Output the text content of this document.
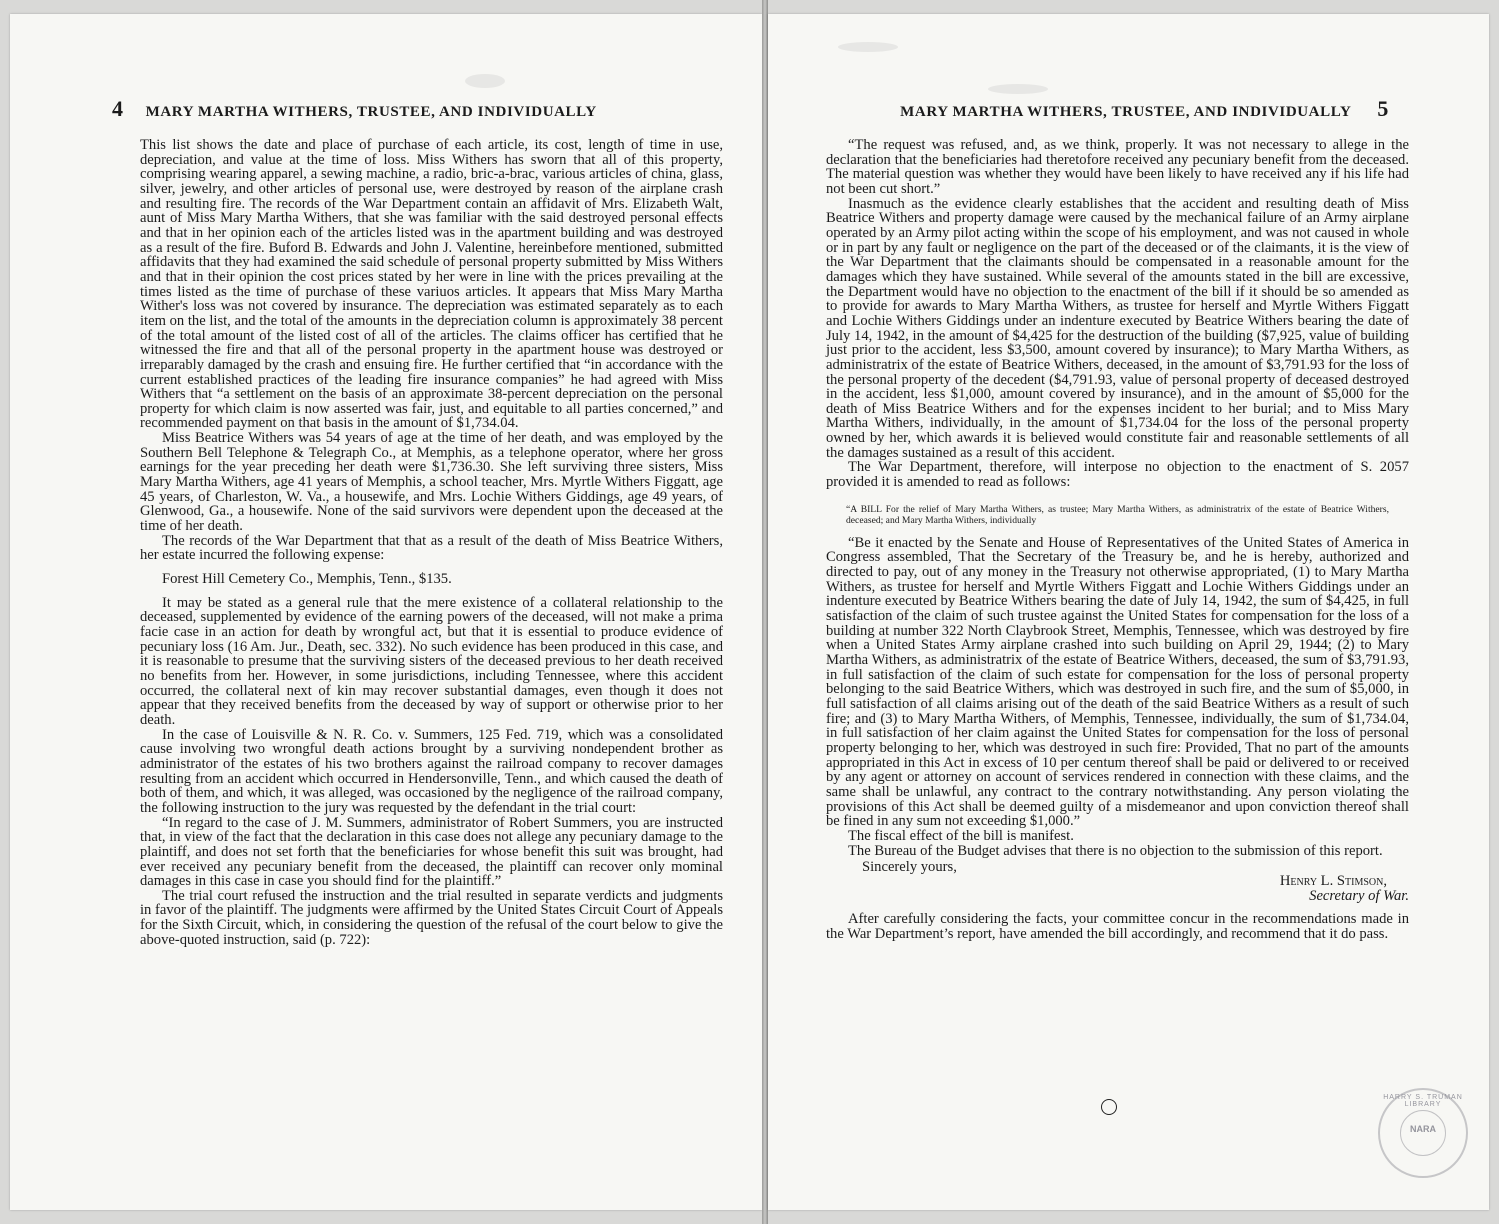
4 MARY MARTHA WITHERS, TRUSTEE, AND INDIVIDUALLY

This list shows the date and place of purchase of each article, its cost, length of time in use, depreciation, and value at the time of loss. Miss Withers has sworn that all of this property, comprising wearing apparel, a sewing machine, a radio, bric-a-brac, various articles of china, glass, silver, jewelry, and other articles of personal use, were destroyed by reason of the airplane crash and resulting fire. The records of the War Department contain an affidavit of Mrs. Elizabeth Walt, aunt of Miss Mary Martha Withers, that she was familiar with the said destroyed personal effects and that in her opinion each of the articles listed was in the apartment building and was destroyed as a result of the fire. Buford B. Edwards and John J. Valentine, hereinbefore mentioned, submitted affidavits that they had examined the said schedule of personal property submitted by Miss Withers and that in their opinion the cost prices stated by her were in line with the prices prevailing at the times listed as the time of purchase of these variuos articles. It appears that Miss Mary Martha Wither's loss was not covered by insurance. The depreciation was estimated separately as to each item on the list, and the total of the amounts in the depreciation column is approximately 38 percent of the total amount of the listed cost of all of the articles. The claims officer has certified that he witnessed the fire and that all of the personal property in the apartment house was destroyed or irreparably damaged by the crash and ensuing fire. He further certified that “in accordance with the current established practices of the leading fire insurance companies” he had agreed with Miss Withers that “a settlement on the basis of an approximate 38-percent depreciation on the personal property for which claim is now asserted was fair, just, and equitable to all parties concerned,” and recommended payment on that basis in the amount of $1,734.04.

Miss Beatrice Withers was 54 years of age at the time of her death, and was employed by the Southern Bell Telephone & Telegraph Co., at Memphis, as a telephone operator, where her gross earnings for the year preceding her death were $1,736.30. She left surviving three sisters, Miss Mary Martha Withers, age 41 years of Memphis, a school teacher, Mrs. Myrtle Withers Figgatt, age 45 years, of Charleston, W. Va., a housewife, and Mrs. Lochie Withers Giddings, age 49 years, of Glenwood, Ga., a housewife. None of the said survivors were dependent upon the deceased at the time of her death.

The records of the War Department that that as a result of the death of Miss Beatrice Withers, her estate incurred the following expense:

Forest Hill Cemetery Co., Memphis, Tenn., $135.

It may be stated as a general rule that the mere existence of a collateral relationship to the deceased, supplemented by evidence of the earning powers of the deceased, will not make a prima facie case in an action for death by wrongful act, but that it is essential to produce evidence of pecuniary loss (16 Am. Jur., Death, sec. 332). No such evidence has been produced in this case, and it is reasonable to presume that the surviving sisters of the deceased previous to her death received no benefits from her. However, in some jurisdictions, including Tennessee, where this accident occurred, the collateral next of kin may recover substantial damages, even though it does not appear that they received benefits from the deceased by way of support or otherwise prior to her death.

In the case of Louisville & N. R. Co. v. Summers, 125 Fed. 719, which was a consolidated cause involving two wrongful death actions brought by a surviving nondependent brother as administrator of the estates of his two brothers against the railroad company to recover damages resulting from an accident which occurred in Hendersonville, Tenn., and which caused the death of both of them, and which, it was alleged, was occasioned by the negligence of the railroad company, the following instruction to the jury was requested by the defendant in the trial court:

“In regard to the case of J. M. Summers, administrator of Robert Summers, you are instructed that, in view of the fact that the declaration in this case does not allege any pecuniary damage to the plaintiff, and does not set forth that the beneficiaries for whose benefit this suit was brought, had ever received any pecuniary benefit from the deceased, the plaintiff can recover only mominal damages in this case in case you should find for the plaintiff.”

The trial court refused the instruction and the trial resulted in separate verdicts and judgments in favor of the plaintiff. The judgments were affirmed by the United States Circuit Court of Appeals for the Sixth Circuit, which, in considering the question of the refusal of the court below to give the above-quoted instruction, said (p. 722):

MARY MARTHA WITHERS, TRUSTEE, AND INDIVIDUALLY 5

“The request was refused, and, as we think, properly. It was not necessary to allege in the declaration that the beneficiaries had theretofore received any pecuniary benefit from the deceased. The material question was whether they would have been likely to have received any if his life had not been cut short.”

Inasmuch as the evidence clearly establishes that the accident and resulting death of Miss Beatrice Withers and property damage were caused by the mechanical failure of an Army airplane operated by an Army pilot acting within the scope of his employment, and was not caused in whole or in part by any fault or negligence on the part of the deceased or of the claimants, it is the view of the War Department that the claimants should be compensated in a reasonable amount for the damages which they have sustained. While several of the amounts stated in the bill are excessive, the Department would have no objection to the enactment of the bill if it should be so amended as to provide for awards to Mary Martha Withers, as trustee for herself and Myrtle Withers Figgatt and Lochie Withers Giddings under an indenture executed by Beatrice Withers bearing the date of July 14, 1942, in the amount of $4,425 for the destruction of the building ($7,925, value of building just prior to the accident, less $3,500, amount covered by insurance); to Mary Martha Withers, as administratrix of the estate of Beatrice Withers, deceased, in the amount of $3,791.93 for the loss of the personal property of the decedent ($4,791.93, value of personal property of deceased destroyed in the accident, less $1,000, amount covered by insurance), and in the amount of $5,000 for the death of Miss Beatrice Withers and for the expenses incident to her burial; and to Miss Mary Martha Withers, individually, in the amount of $1,734.04 for the loss of the personal property owned by her, which awards it is believed would constitute fair and reasonable settlements of all the damages sustained as a result of this accident.

The War Department, therefore, will interpose no objection to the enactment of S. 2057 provided it is amended to read as follows:

“A BILL For the relief of Mary Martha Withers, as trustee; Mary Martha Withers, as administratrix of the estate of Beatrice Withers, deceased; and Mary Martha Withers, individually

“Be it enacted by the Senate and House of Representatives of the United States of America in Congress assembled, That the Secretary of the Treasury be, and he is hereby, authorized and directed to pay, out of any money in the Treasury not otherwise appropriated, (1) to Mary Martha Withers, as trustee for herself and Myrtle Withers Figgatt and Lochie Withers Giddings under an indenture executed by Beatrice Withers bearing the date of July 14, 1942, the sum of $4,425, in full satisfaction of the claim of such trustee against the United States for compensation for the loss of a building at number 322 North Claybrook Street, Memphis, Tennessee, which was destroyed by fire when a United States Army airplane crashed into such building on April 29, 1944; (2) to Mary Martha Withers, as administratrix of the estate of Beatrice Withers, deceased, the sum of $3,791.93, in full satisfaction of the claim of such estate for compensation for the loss of personal property belonging to the said Beatrice Withers, which was destroyed in such fire, and the sum of $5,000, in full satisfaction of all claims arising out of the death of the said Beatrice Withers as a result of such fire; and (3) to Mary Martha Withers, of Memphis, Tennessee, individually, the sum of $1,734.04, in full satisfaction of her claim against the United States for compensation for the loss of personal property belonging to her, which was destroyed in such fire: Provided, That no part of the amounts appropriated in this Act in excess of 10 per centum thereof shall be paid or delivered to or received by any agent or attorney on account of services rendered in connection with these claims, and the same shall be unlawful, any contract to the contrary notwithstanding. Any person violating the provisions of this Act shall be deemed guilty of a misdemeanor and upon conviction thereof shall be fined in any sum not exceeding $1,000.”

The fiscal effect of the bill is manifest.

The Bureau of the Budget advises that there is no objection to the submission of this report.

Sincerely yours,
Henry L. Stimson,
Secretary of War.

After carefully considering the facts, your committee concur in the recommendations made in the War Department’s report, have amended the bill accordingly, and recommend that it do pass.

HARRY S. TRUMAN LIBRARY
NARA
